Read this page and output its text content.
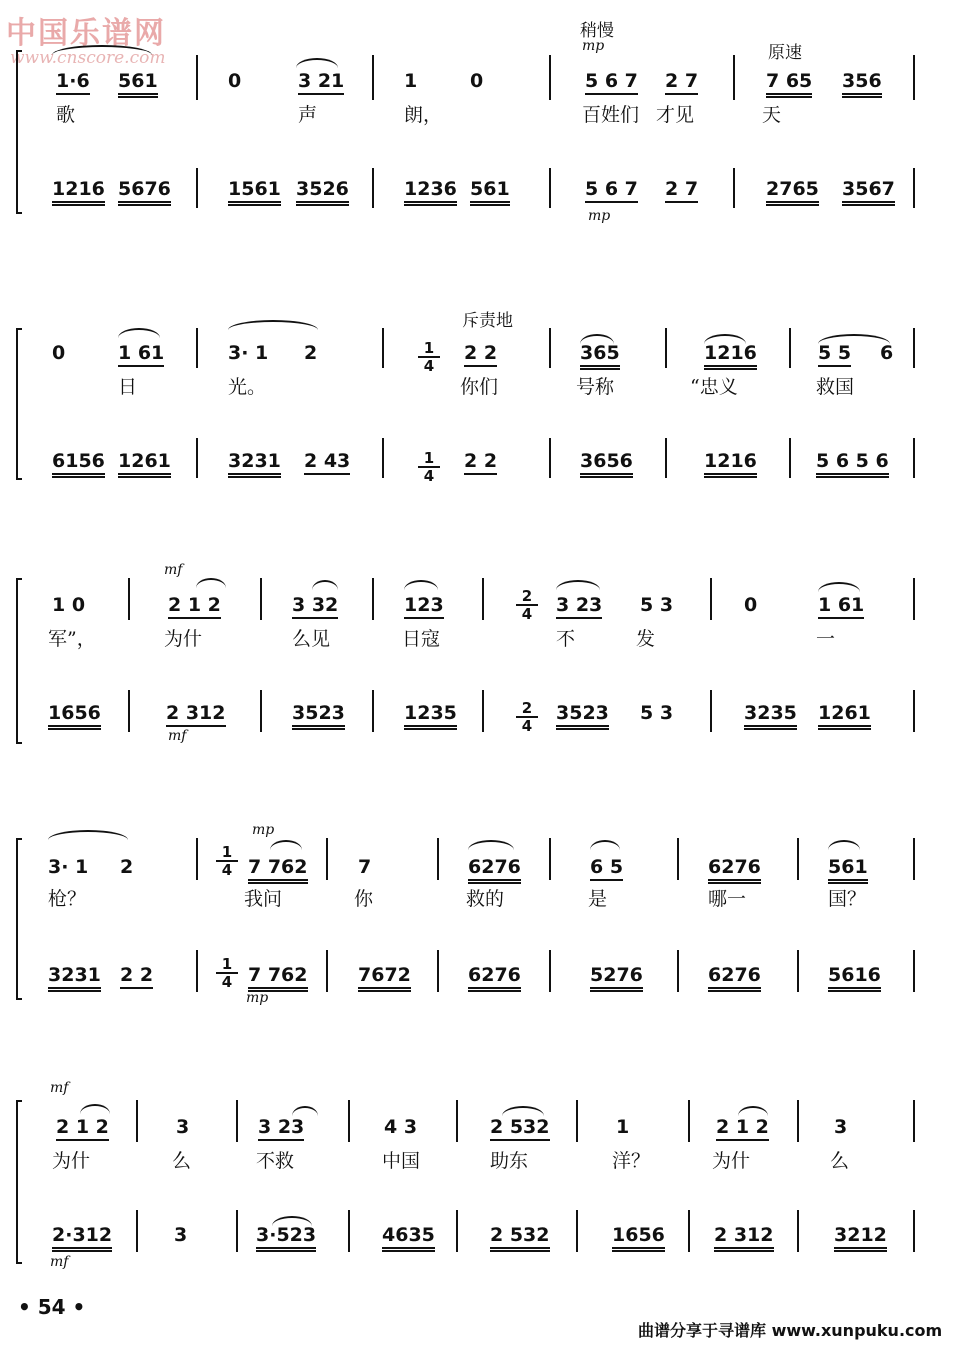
中国乐谱网
www.cnscore.com
稍慢
mp	原速
1·6 561	0	3 21	1	0	5 6 7 2 7	7 65 356
歌	声	朗，	百姓们 才见	天
1216 5676	1561 3526	1236 561	5 6 7 2 7	2765 3567
mp
斥责地
1
4
1
4
0	1 61	3· 1 2	2 2	365	1216	5 5 6
日	光。	你们	号称	“忠义	救国
6156 1261	3231 2 43	2 2	3656	1216	5 6 5 6
mf
2
4
2
4
1 0	2 1 2	3 32	123	3 23 5 3	0	1 61
军”，	为什	么见	日寇	不	发	一
1656	2 312	3523	1235	3523 5 3	3235 1261
mf
mp
1
4
1
4
3· 1 2	7 762	7	6276	6 5	6276	561
枪？	我问	你	救的	是	哪一	国？
3231 2 2	7 762	7672	6276	5276	6276	5616
mp
mf
2 1 2	3	3 23	4 3	2 532	1	2 1 2	3
为什	么	不救	中国	助东	洋？	为什	么
2·312	3	3·523	4635	2 532	1656	2 312	3212
mf
• 54 •
曲谱分享于寻谱库 www.xunpuku.com
